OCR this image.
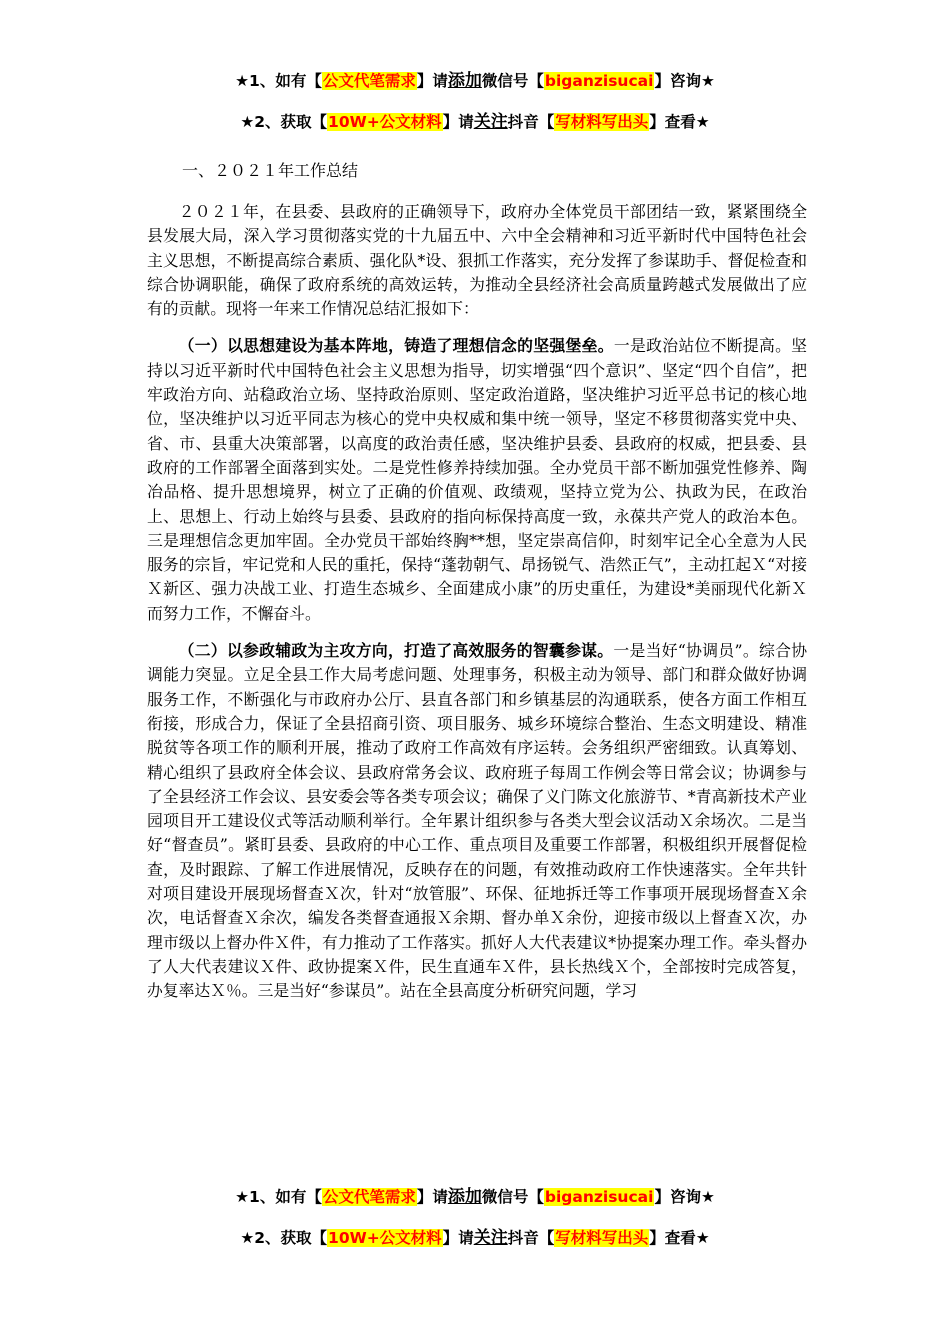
★1、如有【公文代笔需求】请添加微信号【biganzisucai】咨询★
★2、获取【10W+公文材料】请关注抖音【写材料写出头】查看★
一、２０２１年工作总结

２０２１年，在县委、县政府的正确领导下，政府办全体党员干部团结一致，紧紧围绕全县发展大局，深入学习贯彻落实党的十九届五中、六中全会精神和习近平新时代中国特色社会主义思想，不断提高综合素质、强化队*设、狠抓工作落实，充分发挥了参谋助手、督促检查和综合协调职能，确保了政府系统的高效运转，为推动全县经济社会高质量跨越式发展做出了应有的贡献。现将一年来工作情况总结汇报如下：

（一）以思想建设为基本阵地，铸造了理想信念的坚强堡垒。一是政治站位不断提高。坚持以习近平新时代中国特色社会主义思想为指导，切实增强“四个意识”、坚定“四个自信”，把牢政治方向、站稳政治立场、坚持政治原则、坚定政治道路，坚决维护习近平总书记的核心地位，坚决维护以习近平同志为核心的党中央权威和集中统一领导，坚定不移贯彻落实党中央、省、市、县重大决策部署，以高度的政治责任感，坚决维护县委、县政府的权威，把县委、县政府的工作部署全面落到实处。二是党性修养持续加强。全办党员干部不断加强党性修养、陶冶品格、提升思想境界，树立了正确的价值观、政绩观，坚持立党为公、执政为民，在政治上、思想上、行动上始终与县委、县政府的指向标保持高度一致，永葆共产党人的政治本色。三是理想信念更加牢固。全办党员干部始终胸**想，坚定崇高信仰，时刻牢记全心全意为人民服务的宗旨，牢记党和人民的重托，保持“蓬勃朝气、昂扬锐气、浩然正气”，主动扛起Ｘ“对接Ｘ新区、强力决战工业、打造生态城乡、全面建成小康”的历史重任，为建设*美丽现代化新Ｘ而努力工作，不懈奋斗。

（二）以参政辅政为主攻方向，打造了高效服务的智囊参谋。一是当好“协调员”。综合协调能力突显。立足全县工作大局考虑问题、处理事务，积极主动为领导、部门和群众做好协调服务工作，不断强化与市政府办公厅、县直各部门和乡镇基层的沟通联系，使各方面工作相互衔接，形成合力，保证了全县招商引资、项目服务、城乡环境综合整治、生态文明建设、精准脱贫等各项工作的顺利开展，推动了政府工作高效有序运转。会务组织严密细致。认真筹划、精心组织了县政府全体会议、县政府常务会议、政府班子每周工作例会等日常会议；协调参与了全县经济工作会议、县安委会等各类专项会议；确保了义门陈文化旅游节、*青高新技术产业园项目开工建设仪式等活动顺利举行。全年累计组织参与各类大型会议活动Ｘ余场次。二是当好“督查员”。紧盯县委、县政府的中心工作、重点项目及重要工作部署，积极组织开展督促检查，及时跟踪、了解工作进展情况，反映存在的问题，有效推动政府工作快速落实。全年共针对项目建设开展现场督查Ｘ次，针对“放管服”、环保、征地拆迁等工作事项开展现场督查Ｘ余次，电话督查Ｘ余次，编发各类督查通报Ｘ余期、督办单Ｘ余份，迎接市级以上督查Ｘ次，办理市级以上督办件Ｘ件，有力推动了工作落实。抓好人大代表建议*协提案办理工作。牵头督办了人大代表建议Ｘ件、政协提案Ｘ件，民生直通车Ｘ件，县长热线Ｘ个，全部按时完成答复，办复率达Ｘ％。三是当好“参谋员”。站在全县高度分析研究问题，学习

★1、如有【公文代笔需求】请添加微信号【biganzisucai】咨询★
★2、获取【10W+公文材料】请关注抖音【写材料写出头】查看★
